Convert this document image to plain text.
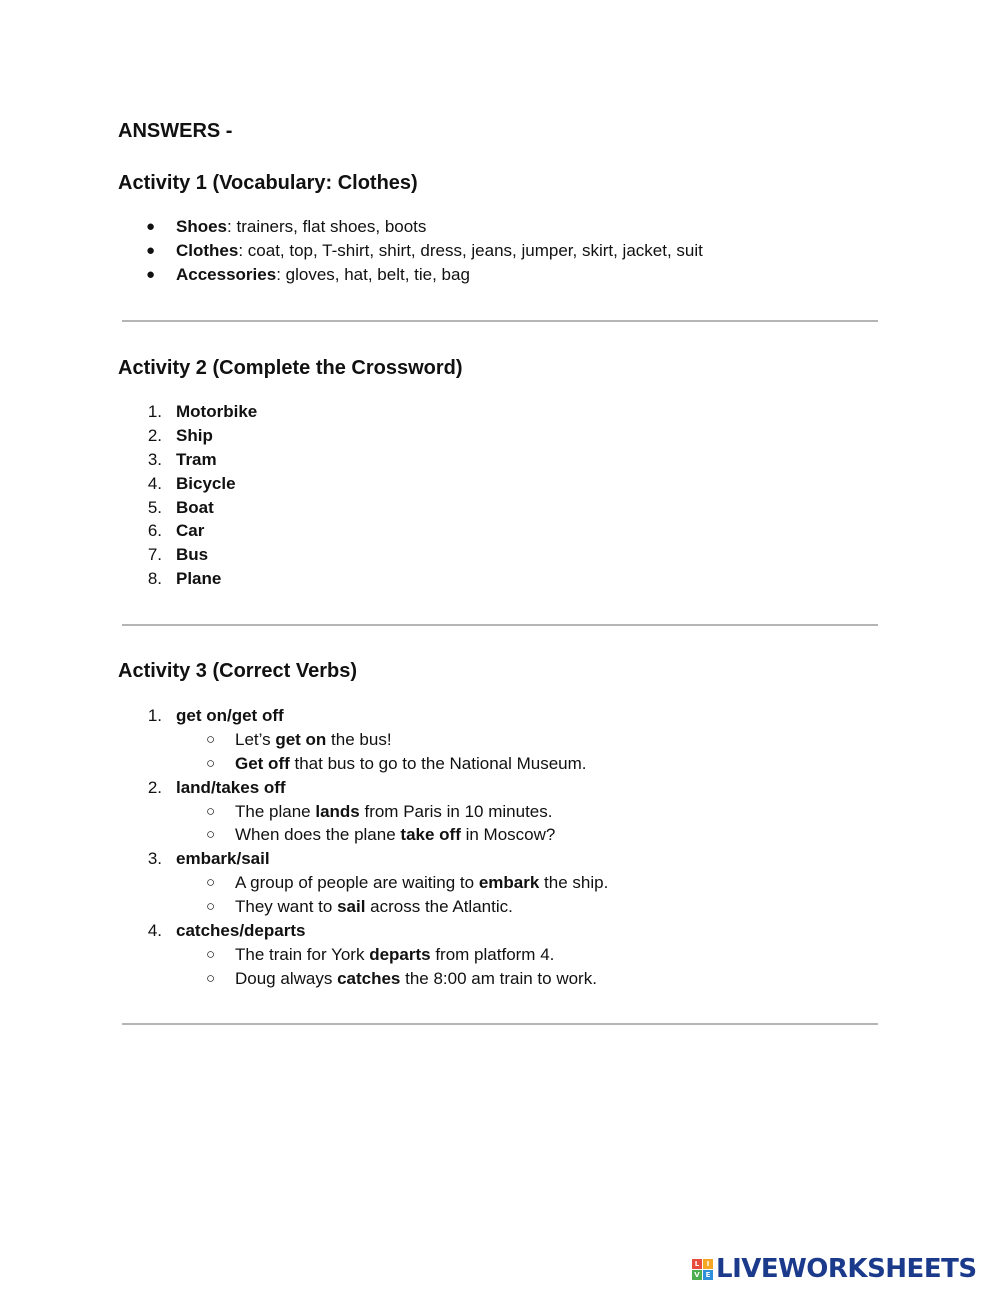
ANSWERS -
Activity 1 (Vocabulary: Clothes)
● Shoes: trainers, flat shoes, boots
● Clothes: coat, top, T-shirt, shirt, dress, jeans, jumper, skirt, jacket, suit
● Accessories: gloves, hat, belt, tie, bag
Activity 2 (Complete the Crossword)
1. Motorbike
2. Ship
3. Tram
4. Bicycle
5. Boat
6. Car
7. Bus
8. Plane
Activity 3 (Correct Verbs)
1. get on/get off
○ Let’s get on the bus!
○ Get off that bus to go to the National Museum.
2. land/takes off
○ The plane lands from Paris in 10 minutes.
○ When does the plane take off in Moscow?
3. embark/sail
○ A group of people are waiting to embark the ship.
○ They want to sail across the Atlantic.
4. catches/departs
○ The train for York departs from platform 4.
○ Doug always catches the 8:00 am train to work.
L	I
V E LIVEWORKSHEETS
